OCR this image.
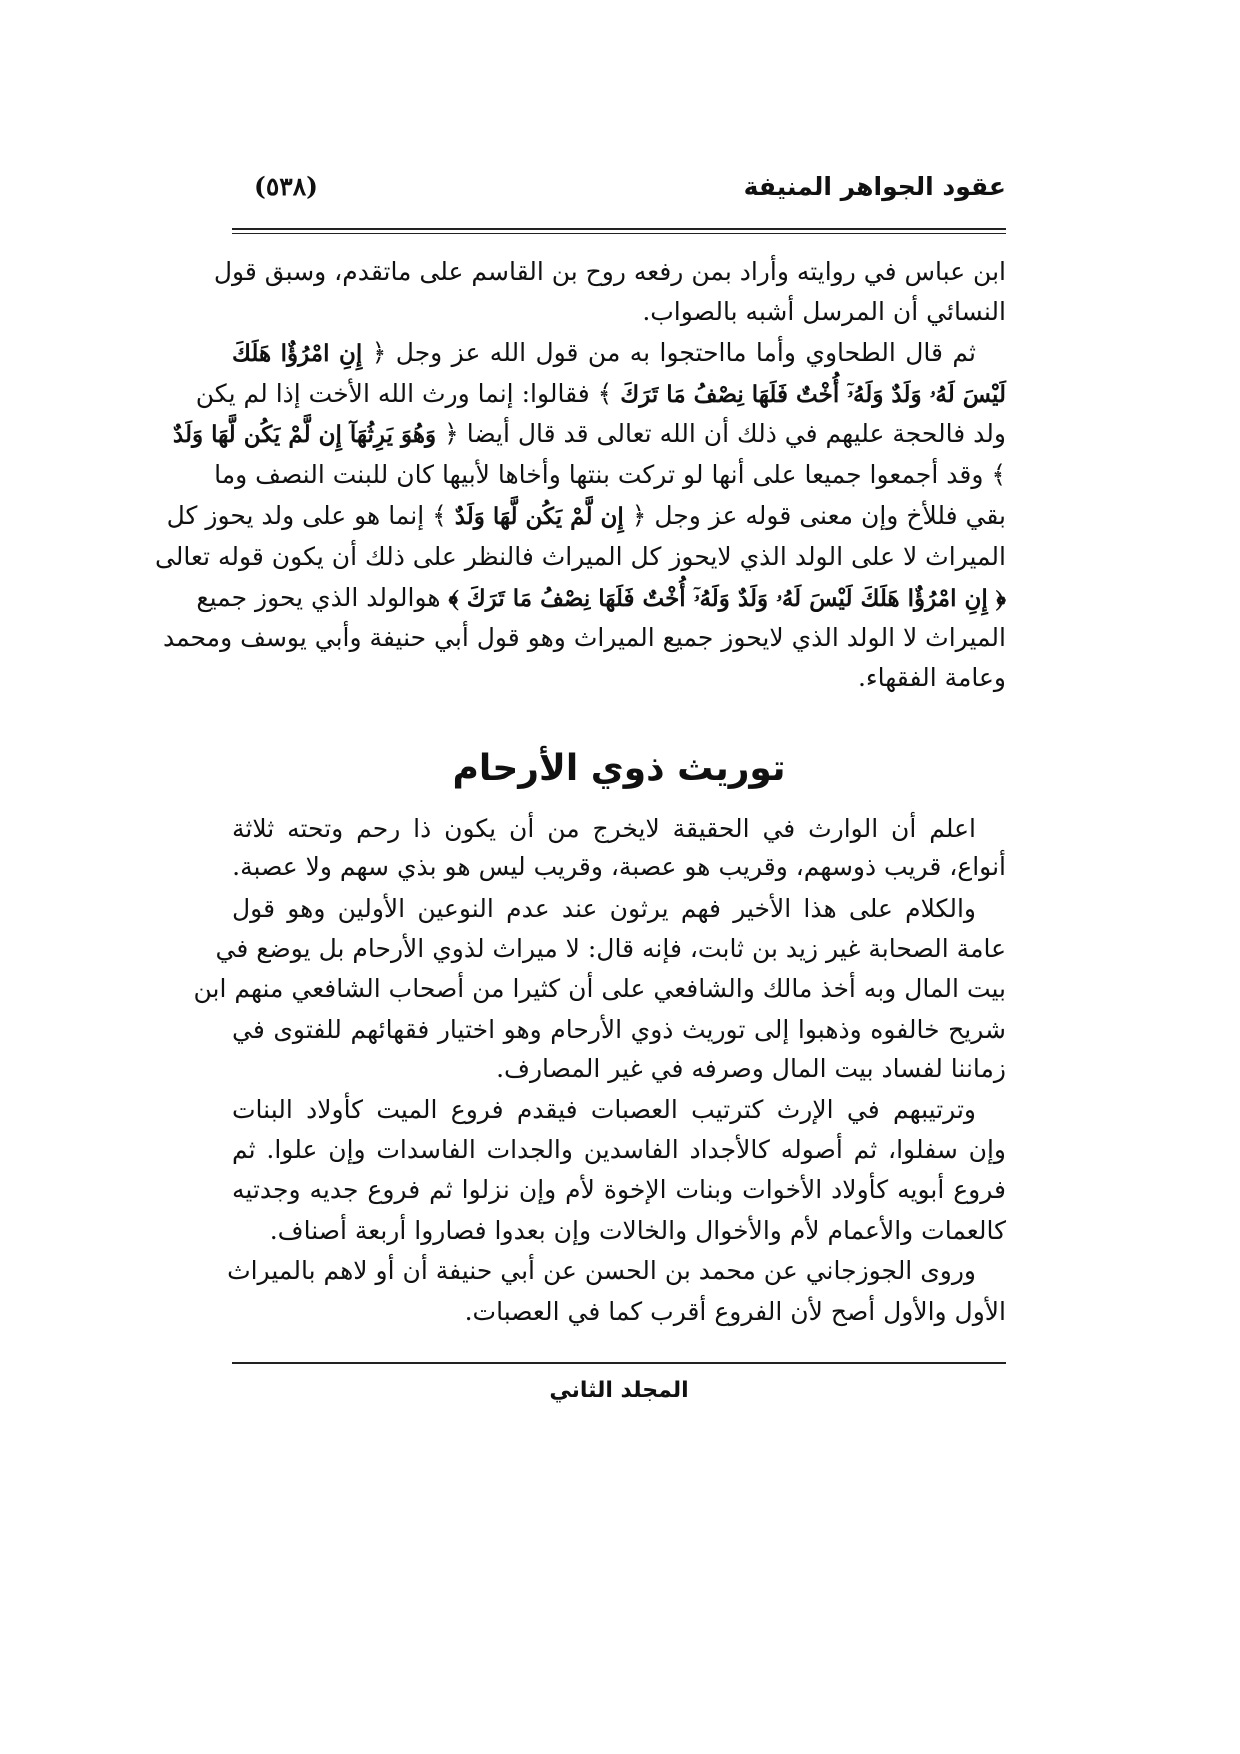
عقود الجواهر المنيفة
(٥٣٨)
ابن عباس في روايته وأراد بمن رفعه روح بن القاسم على ماتقدم، وسبق قول
النسائي أن المرسل أشبه بالصواب.
ثم قال الطحاوي وأما مااحتجوا به من قول الله عز وجل ﴿ إِنِ امْرُؤٌا هَلَكَ
لَيْسَ لَهُۥ وَلَدٌ وَلَهُۥٓ أُخْتٌ فَلَهَا نِصْفُ مَا تَرَكَ ﴾ فقالوا: إنما ورث الله الأخت إذا لم يكن
ولد فالحجة عليهم في ذلك أن الله تعالى قد قال أيضا ﴿ وَهُوَ يَرِثُهَآ إِن لَّمْ يَكُن لَّهَا وَلَدٌ
﴾ وقد أجمعوا جميعا على أنها لو تركت بنتها وأخاها لأبيها كان للبنت النصف وما
بقي فللأخ وإن معنى قوله عز وجل ﴿ إِن لَّمْ يَكُن لَّهَا وَلَدٌ ﴾ إنما هو على ولد يحوز كل
الميراث لا على الولد الذي لايحوز كل الميراث فالنظر على ذلك أن يكون قوله تعالى
﴿ إِنِ امْرُؤٌا هَلَكَ لَيْسَ لَهُۥ وَلَدٌ وَلَهُۥٓ أُخْتٌ فَلَهَا نِصْفُ مَا تَرَكَ ﴾ هوالولد الذي يحوز جميع
الميراث لا الولد الذي لايحوز جميع الميراث وهو قول أبي حنيفة وأبي يوسف ومحمد
وعامة الفقهاء.
توريث ذوي الأرحام
اعلم أن الوارث في الحقيقة لايخرج من أن يكون ذا رحم وتحته ثلاثة
أنواع، قريب ذوسهم، وقريب هو عصبة، وقريب ليس هو بذي سهم ولا عصبة.
والكلام على هذا الأخير فهم يرثون عند عدم النوعين الأولين وهو قول
عامة الصحابة غير زيد بن ثابت، فإنه قال: لا ميراث لذوي الأرحام بل يوضع في
بيت المال وبه أخذ مالك والشافعي على أن كثيرا من أصحاب الشافعي منهم ابن
شريح خالفوه وذهبوا إلى توريث ذوي الأرحام وهو اختيار فقهائهم للفتوى في
زماننا لفساد بيت المال وصرفه في غير المصارف.
وترتيبهم في الإرث كترتيب العصبات فيقدم فروع الميت كأولاد البنات
وإن سفلوا، ثم أصوله كالأجداد الفاسدين والجدات الفاسدات وإن علوا. ثم
فروع أبويه كأولاد الأخوات وبنات الإخوة لأم وإن نزلوا ثم فروع جديه وجدتيه
كالعمات والأعمام لأم والأخوال والخالات وإن بعدوا فصاروا أربعة أصناف.
وروى الجوزجاني عن محمد بن الحسن عن أبي حنيفة أن أو لاهم بالميراث
الأول والأول أصح لأن الفروع أقرب كما في العصبات.
المجلد الثاني
